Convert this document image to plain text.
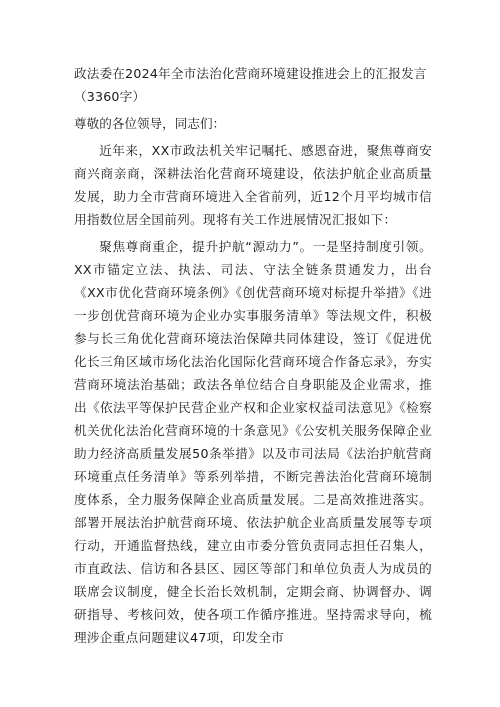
政法委在2024年全市法治化营商环境建设推进会上的汇报发言（3360字）

尊敬的各位领导，同志们：

近年来，XX市政法机关牢记嘱托、感恩奋进，聚焦尊商安商兴商亲商，深耕法治化营商环境建设，依法护航企业高质量发展，助力全市营商环境进入全省前列，近12个月平均城市信用指数位居全国前列。现将有关工作进展情况汇报如下：

聚焦尊商重企，提升护航“源动力”。一是坚持制度引领。XX市锚定立法、执法、司法、守法全链条贯通发力，出台《XX市优化营商环境条例》《创优营商环境对标提升举措》《进一步创优营商环境为企业办实事服务清单》等法规文件，积极参与长三角优化营商环境法治保障共同体建设，签订《促进优化长三角区域市场化法治化国际化营商环境合作备忘录》，夯实营商环境法治基础；政法各单位结合自身职能及企业需求，推出《依法平等保护民营企业产权和企业家权益司法意见》《检察机关优化法治化营商环境的十条意见》《公安机关服务保障企业助力经济高质量发展50条举措》以及市司法局《法治护航营商环境重点任务清单》等系列举措，不断完善法治化营商环境制度体系，全力服务保障企业高质量发展。二是高效推进落实。部署开展法治护航营商环境、依法护航企业高质量发展等专项行动，开通监督热线，建立由市委分管负责同志担任召集人，市直政法、信访和各县区、园区等部门和单位负责人为成员的联席会议制度，健全长治长效机制，定期会商、协调督办、调研指导、考核问效，使各项工作循序推进。坚持需求导向，梳理涉企重点问题建议47项，印发全市
